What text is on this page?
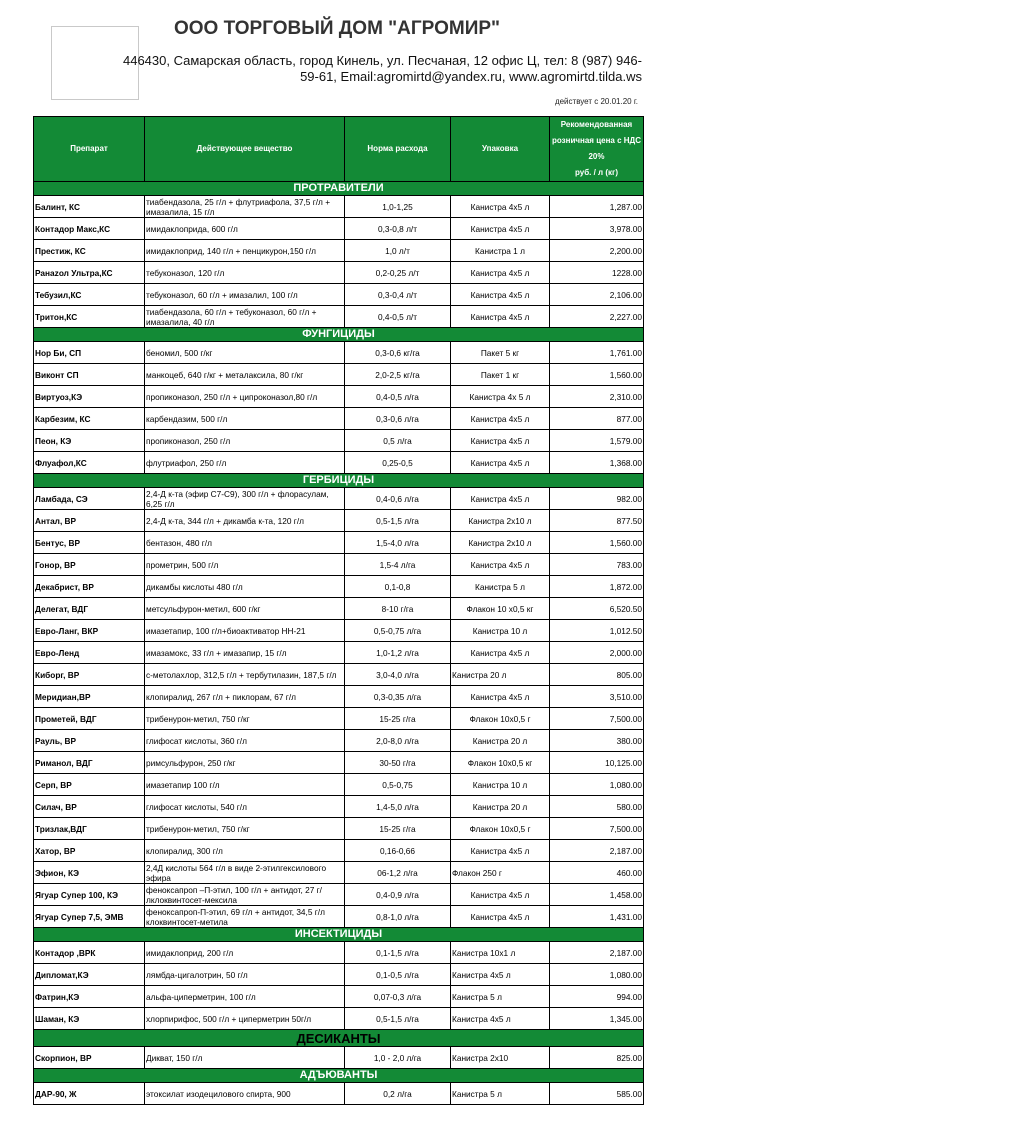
ООО ТОРГОВЫЙ ДОМ "АГРОМИР"
446430, Самарская область, город Кинель, ул. Песчаная, 12 офис Ц, тел: 8 (987) 946-59-61, Email:agromirtd@yandex.ru, www.agromirtd.tilda.ws
действует с 20.01.20 г.
Препарат	Действующее вещество	Норма расхода	Упаковка	Рекомендованная
розничная цена с НДС
20%
руб. / л (кг)

ПРОТРАВИТЕЛИ				
Балинт, КС	тиабендазола, 25 г/л + флутриафола, 37,5 г/л + имазалила, 15 г/л	1,0-1,25	Канистра 4х5 л	1,287.00
Контадор Макс,КС	имидаклоприда, 600 г/л	0,3-0,8 л/т	Канистра 4х5 л	3,978.00
Престиж, КС	имидаклоприд, 140 г/л + пенцикурон,150 г/л	1,0 л/т	Канистра 1 л	2,200.00
Ранazол Ультра,КС	тебуконазол, 120 г/л	0,2-0,25 л/т	Канистра 4х5 л	1228.00
Тебузил,КС	тебуконазол, 60 г/л + имазалил, 100 г/л	0,3-0,4 л/т	Канистра 4х5 л	2,106.00
Тритон,КС	тиабендазола, 60 г/л + тебуконазол, 60 г/л + имазалила, 40 г/л	0,4-0,5 л/т	Канистра 4х5 л	2,227.00
ФУНГИЦИДЫ				
Нор Би, СП	беномил, 500 г/кг	0,3-0,6 кг/га	Пакет 5 кг	1,761.00
Виконт СП	манкоцеб, 640 г/кг + металаксила, 80 г/кг	2,0-2,5 кг/га	Пакет 1 кг	1,560.00
Виртуоз,КЭ	пропиконазол, 250 г/л + ципроконазол,80 г/л	0,4-0,5 л/га	Канистра 4х 5 л	2,310.00
Карбезим, КС	карбендазим, 500 г/л	0,3-0,6 л/га	Канистра 4х5 л	877.00
Пеон, КЭ	пропиконазол, 250 г/л	0,5 л/га	Канистра 4х5 л	1,579.00
Флуафол,КС	флутриафол, 250 г/л	0,25-0,5	Канистра 4х5 л	1,368.00
ГЕРБИЦИДЫ				
Ламбада, СЭ	2,4-Д к-та (эфир С7-С9), 300 г/л + флорасулам, 6,25 г/л	0,4-0,6 л/га	Канистра 4х5 л	982.00
Антал, ВР	2,4-Д к-та, 344 г/л + дикамба к-та, 120 г/л	0,5-1,5 л/га	Канистра 2х10 л	877.50
Бентус, ВР	бентазон, 480 г/л	1,5-4,0 л/га	Канистра 2х10 л	1,560.00
Гонор, ВР	прометрин, 500 г/л	1,5-4 л/га	Канистра 4х5 л	783.00
Декабрист, ВР	дикамбы кислоты 480 г/л	0,1-0,8	Канистра 5 л	1,872.00
Делегат, ВДГ	метсульфурон-метил, 600 г/кг	8-10 г/га	Флакон 10 х0,5 кг	6,520.50
Евро-Ланг, ВКР	имазетапир, 100 г/л+биоактиватор НН-21	0,5-0,75 л/га	Канистра 10 л	1,012.50
Евро-Ленд	имазамокс, 33 г/л + имазапир, 15 г/л	1,0-1,2 л/га	Канистра 4х5 л	2,000.00
Киборг, ВР	с-метолахлор, 312,5 г/л + тербутилазин, 187,5 г/л	3,0-4,0 л/га	Канистра 20 л	805.00
Меридиан,ВР	клопиралид, 267 г/л + пиклорам, 67 г/л	0,3-0,35 л/га	Канистра 4х5 л	3,510.00
Прометей, ВДГ	трибенурон-метил, 750 г/кг	15-25 г/га	Флакон 10х0,5 г	7,500.00
Рауль, ВР	глифосат кислоты, 360 г/л	2,0-8,0 л/га	Канистра 20 л	380.00
Риманол, ВДГ	римсульфурон, 250 г/кг	30-50 г/га	Флакон 10х0,5 кг	10,125.00
Серп, ВР	имазетапир 100 г/л	0,5-0,75	Канистра 10 л	1,080.00
Силач, ВР	глифосат кислоты, 540 г/л	1,4-5,0 л/га	Канистра 20 л	580.00
Тризлак,ВДГ	трибенурон-метил, 750 г/кг	15-25 г/га	Флакон 10х0,5 г	7,500.00
Хатор, ВР	клопиралид, 300 г/л	0,16-0,66	Канистра 4х5 л	2,187.00
Эфион, КЭ	2,4Д кислоты 564 г/л в виде 2-этилгексилового эфира	06-1,2 л/га	Флакон 250 г	460.00
Ягуар Супер 100, КЭ	феноксапроп –П-этил, 100 г/л + антидот, 27 г/лклоквинтосет-мексила	0,4-0,9 л/га	Канистра 4х5 л	1,458.00
Ягуар Супер 7,5, ЭМВ	феноксапроп-П-этил, 69 г/л + антидот, 34,5 г/л клоквинтосет-метила	0,8-1,0 л/га	Канистра 4х5 л	1,431.00
ИНСЕКТИЦИДЫ				
Контадор ,ВРК	имидаклоприд, 200 г/л	0,1-1,5 л/га	Канистра 10х1 л	2,187.00
Дипломат,КЭ	лямбда-цигалотрин, 50 г/л	0,1-0,5 л/га	Канистра 4х5 л	1,080.00
Фатрин,КЭ	альфа-циперметрин, 100 г/л	0,07-0,3 л/га	Канистра 5 л	994.00
Шаман, КЭ	хлорпирифос, 500 г/л + циперметрин 50г/л	0,5-1,5 л/га	Канистра 4х5 л	1,345.00
ДЕСИКАНТЫ				
Скорпион, ВР	Дикват, 150 г/л	1,0 - 2,0 л/га	Канистра 2х10	825.00
АДЪЮВАНТЫ				
ДАР-90, Ж	этоксилат изодецилового спирта, 900	0,2 л/га	Канистра 5 л	585.00
